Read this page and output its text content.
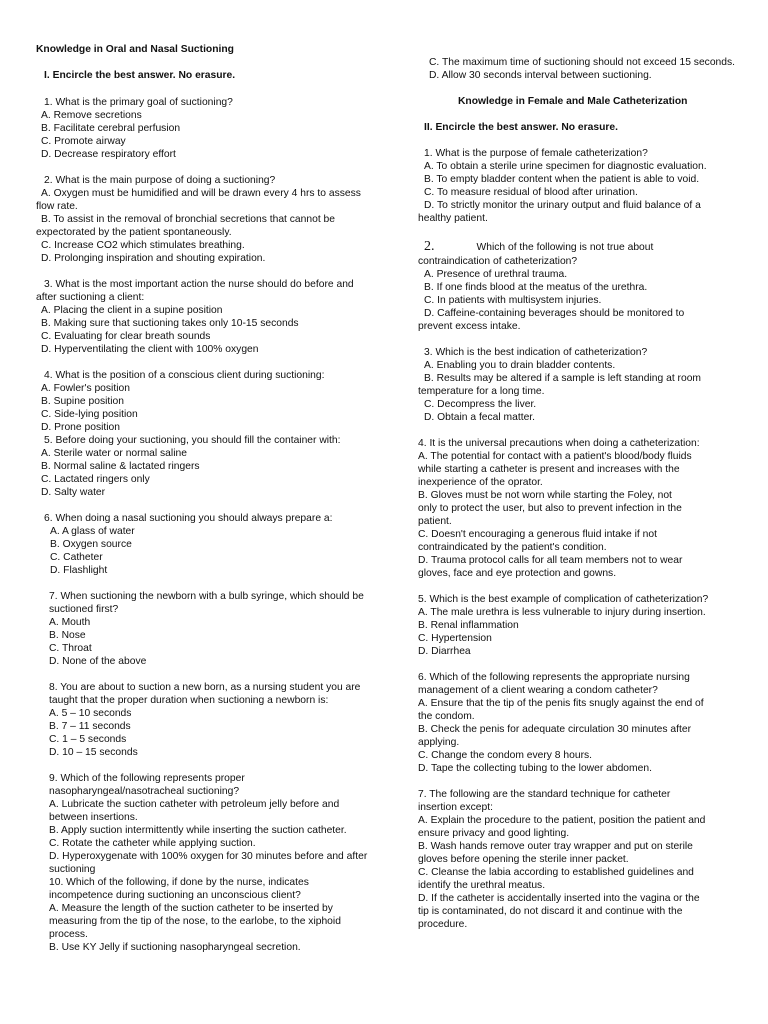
Knowledge in Oral and Nasal Suctioning
I. Encircle the best answer. No erasure.
1. What is the primary goal of suctioning?
A. Remove secretions
B. Facilitate cerebral perfusion
C. Promote airway
D. Decrease respiratory effort
2. What is the main purpose of doing a suctioning?
A. Oxygen must be humidified and will be drawn every 4 hrs to assess
flow rate.
B. To assist in the removal of bronchial secretions that cannot be
expectorated by the patient spontaneously.
C. Increase CO2 which stimulates breathing.
D. Prolonging inspiration and shouting expiration.
3. What is the most important action the nurse should do before and
after suctioning a client:
A. Placing the client in a supine position
B. Making sure that suctioning takes only 10-15 seconds
C. Evaluating for clear breath sounds
D. Hyperventilating the client with 100% oxygen
4. What is the position of a conscious client during suctioning:
A. Fowler's position
B. Supine position
C. Side-lying position
D. Prone position
5. Before doing your suctioning, you should fill the container with:
A. Sterile water or normal saline
B. Normal saline & lactated ringers
C. Lactated ringers only
D. Salty water
6. When doing a nasal suctioning you should always prepare a:
A. A glass of water
B. Oxygen source
C. Catheter
D. Flashlight
7. When suctioning the newborn with a bulb syringe, which should be
suctioned first?
A. Mouth
B. Nose
C. Throat
D. None of the above
8. You are about to suction a new born, as a nursing student you are
taught that the proper duration when suctioning a newborn is:
A. 5 – 10 seconds
B. 7 – 11 seconds
C. 1 – 5 seconds
D. 10 – 15 seconds
9. Which of the following represents proper
nasopharyngeal/nasotracheal suctioning?
A. Lubricate the suction catheter with petroleum jelly before and
between insertions.
B. Apply suction intermittently while inserting the suction catheter.
C. Rotate the catheter while applying suction.
D. Hyperoxygenate with 100% oxygen for 30 minutes before and after
suctioning
10. Which of the following, if done by the nurse, indicates
incompetence during suctioning an unconscious client?
A. Measure the length of the suction catheter to be inserted by
measuring from the tip of the nose, to the earlobe, to the xiphoid
process.
B. Use KY Jelly if suctioning nasopharyngeal secretion.
C. The maximum time of suctioning should not exceed 15 seconds.
D. Allow 30 seconds interval between suctioning.
Knowledge in Female and Male Catheterization
II. Encircle the best answer. No erasure.
1. What is the purpose of female catheterization?
A. To obtain a sterile urine specimen for diagnostic evaluation.
B. To empty bladder content when the patient is able to void.
C. To measure residual of blood after urination.
D. To strictly monitor the urinary output and fluid balance of a
healthy patient.
2.	Which of the following is not true about
contraindication of catheterization?
A. Presence of urethral trauma.
B. If one finds blood at the meatus of the urethra.
C. In patients with multisystem injuries.
D. Caffeine-containing beverages should be monitored to
prevent excess intake.
3. Which is the best indication of catheterization?
A. Enabling you to drain bladder contents.
B. Results may be altered if a sample is left standing at room
temperature for a long time.
C. Decompress the liver.
D. Obtain a fecal matter.
4. It is the universal precautions when doing a catheterization:
A. The potential for contact with a patient's blood/body fluids
while starting a catheter is present and increases with the
inexperience of the oprator.
B. Gloves must be not worn while starting the Foley, not
only to protect the user, but also to prevent infection in the
patient.
C. Doesn't encouraging a generous fluid intake if not
contraindicated by the patient's condition.
D. Trauma protocol calls for all team members not to wear
gloves, face and eye protection and gowns.
5. Which is the best example of complication of catheterization?
A. The male urethra is less vulnerable to injury during insertion.
B. Renal inflammation
C. Hypertension
D. Diarrhea
6. Which of the following represents the appropriate nursing
management of a client wearing a condom catheter?
A. Ensure that the tip of the penis fits snugly against the end of
the condom.
B. Check the penis for adequate circulation 30 minutes after
applying.
C. Change the condom every 8 hours.
D. Tape the collecting tubing to the lower abdomen.
7. The following are the standard technique for catheter
insertion except:
A. Explain the procedure to the patient, position the patient and
ensure privacy and good lighting.
B. Wash hands remove outer tray wrapper and put on sterile
gloves before opening the sterile inner packet.
C. Cleanse the labia according to established guidelines and
identify the urethral meatus.
D. If the catheter is accidentally inserted into the vagina or the
tip is contaminated, do not discard it and continue with the
procedure.
